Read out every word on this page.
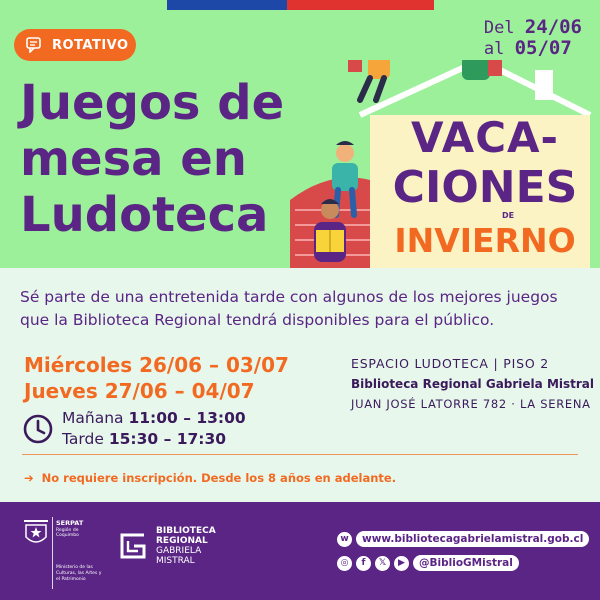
ROTATIVO
Del 24/06
al 05/07
Juegos de
mesa en
Ludoteca
VACA-
CIONES
DE
INVIERNO

Sé parte de una entretenida tarde con algunos de los mejores juegos que la Biblioteca Regional tendrá disponibles para el público.

Miércoles 26/06 – 03/07
Jueves 27/06 – 04/07
Mañana 11:00 – 13:00
Tarde 15:30 – 17:30
ESPACIO LUDOTECA | PISO 2
Biblioteca Regional Gabriela Mistral
JUAN JOSÉ LATORRE 782 · LA SERENA
➔ No requiere inscripción. Desde los 8 años en adelante.
SERPAT
Región de Coquimbo
Ministerio de las Culturas, las Artes y el Patrimonio
BIBLIOTECA
REGIONAL
GABRIELA
MISTRAL
w	www.bibliotecagabrielamistral.gob.cl
◎	f	𝕏	▶	@BiblioGMistral
